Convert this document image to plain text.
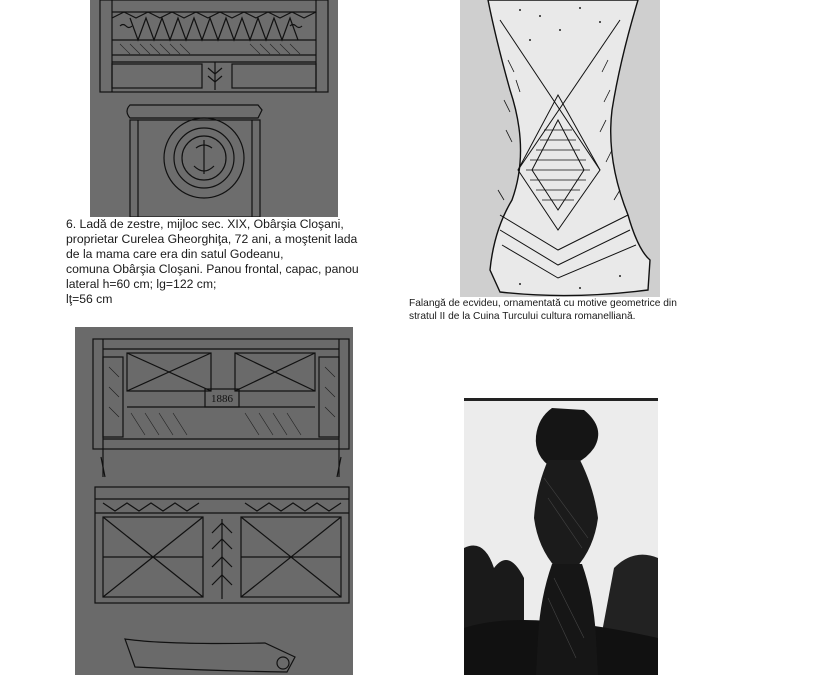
6. Ladă de zestre, mijloc sec. XIX, Obârşia Cloşani,
proprietar Curelea Gheorghiţa, 72 ani, a moştenit lada
de la mama care era din satul Godeanu,
comuna Obârşia Cloşani. Panou frontal, capac, panou
lateral h=60 cm; lg=122 cm;
lţ=56 cm	Falangă de ecvideu, ornamentată cu motive geometrice din
stratul II de la Cuina Turcului cultura romanelliană.

1886
